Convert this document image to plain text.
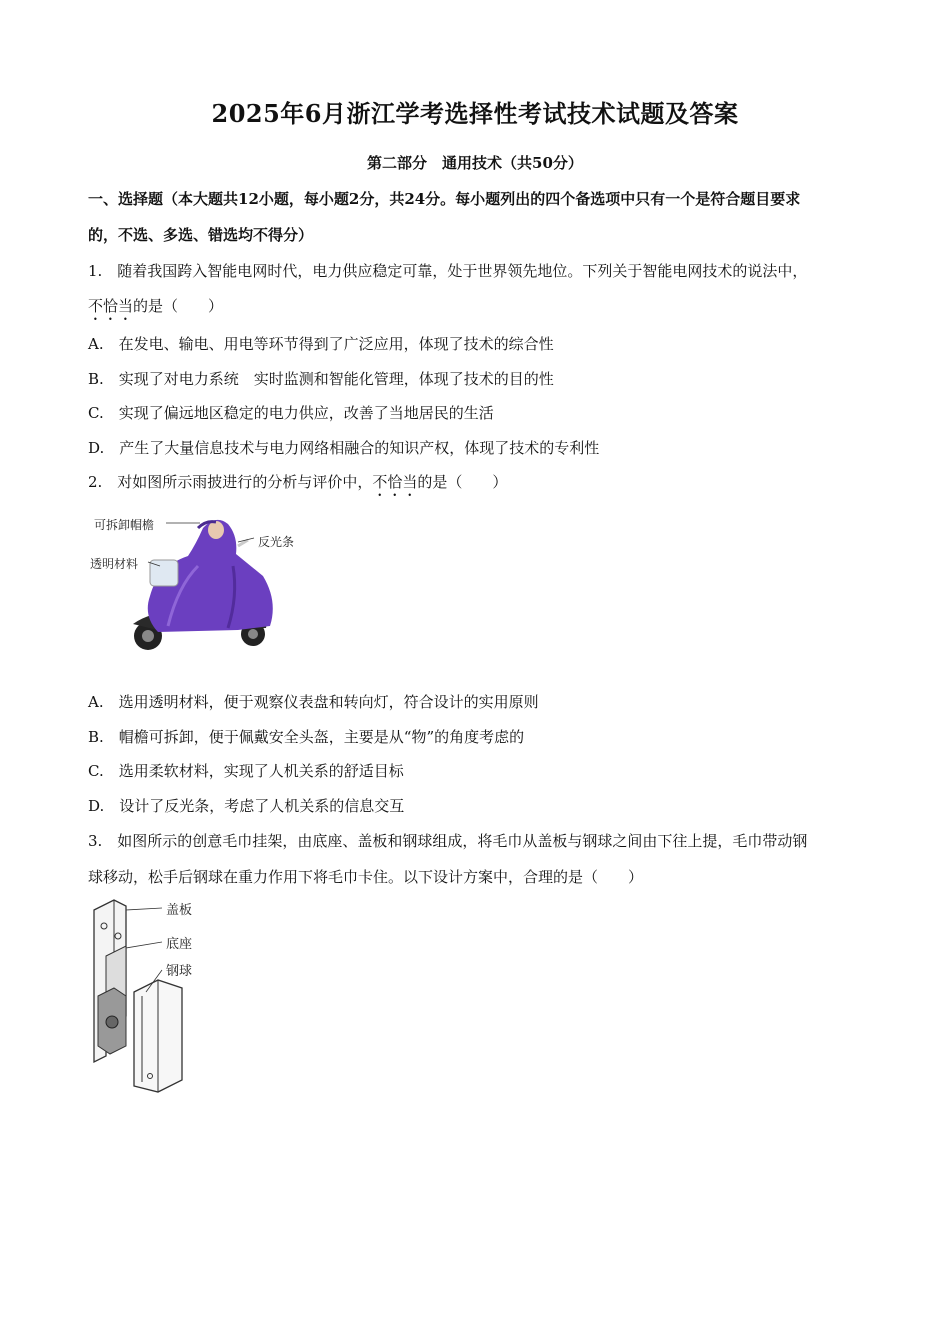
2025年6月浙江学考选择性考试技术试题及答案
第二部分　通用技术（共50分）
一、选择题（本大题共12小题，每小题2分，共24分。每小题列出的四个备选项中只有一个是符合题目要求
的，不选、多选、错选均不得分）
1.　随着我国跨入智能电网时代，电力供应稳定可靠，处于世界领先地位。下列关于智能电网技术的说法中，
不恰当的是（　　）
A.　在发电、输电、用电等环节得到了广泛应用，体现了技术的综合性
B.　实现了对电力系统　实时监测和智能化管理，体现了技术的目的性
C.　实现了偏远地区稳定的电力供应，改善了当地居民的生活
D.　产生了大量信息技术与电力网络相融合的知识产权，体现了技术的专利性
2.　对如图所示雨披进行的分析与评价中，不恰当的是（　　）
可拆卸帽檐
反光条
透明材料
A.　选用透明材料，便于观察仪表盘和转向灯，符合设计的实用原则
B.　帽檐可拆卸，便于佩戴安全头盔，主要是从“物”的角度考虑的
C.　选用柔软材料，实现了人机关系的舒适目标
D.　设计了反光条，考虑了人机关系的信息交互
3.　如图所示的创意毛巾挂架，由底座、盖板和钢球组成，将毛巾从盖板与钢球之间由下往上提，毛巾带动钢
球移动，松手后钢球在重力作用下将毛巾卡住。以下设计方案中，合理的是（　　）
盖板
底座
钢球
